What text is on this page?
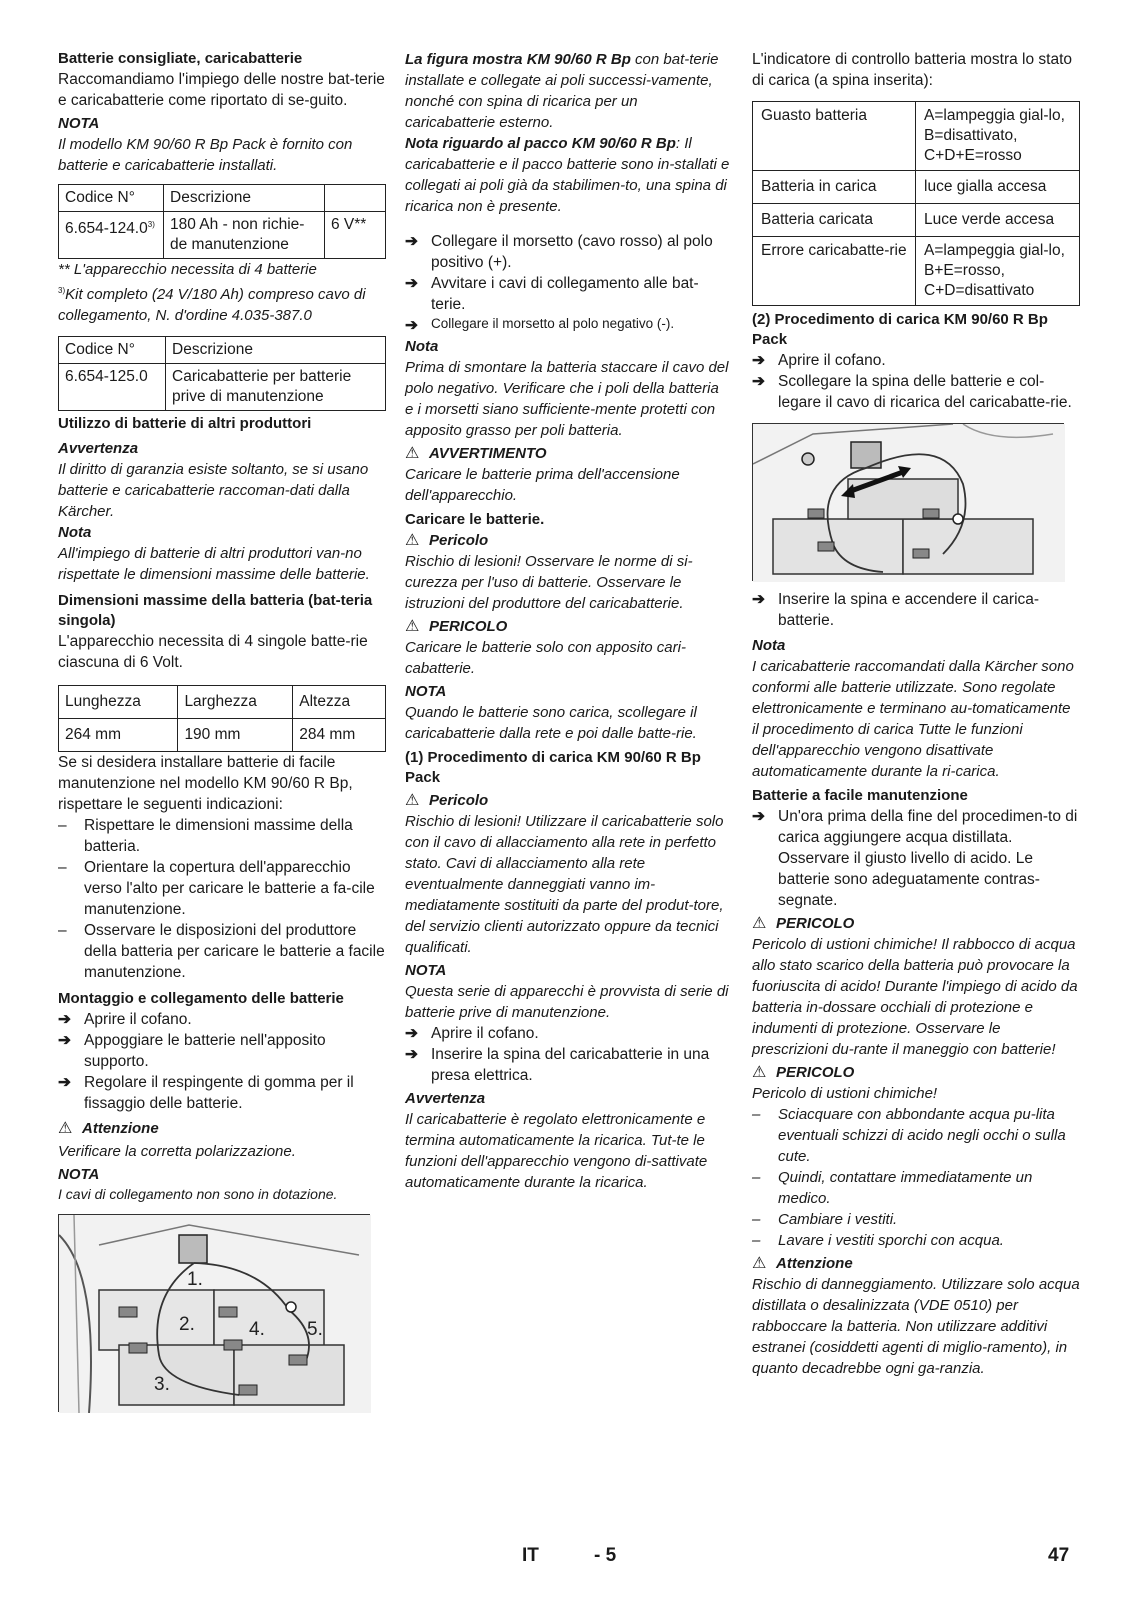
Batterie consigliate, caricabatterie

Raccomandiamo l'impiego delle nostre bat-terie e caricabatterie come riportato di se-guito.

NOTA

Il modello KM 90/60 R Bp Pack è fornito con batterie e caricabatterie installati.

Codice N°	Descrizione	
6.654-124.0$^{3)}$	180 Ah - non richie-de manutenzione	6 V**

** L'apparecchio necessita di 4 batterie

$^{3)}$Kit completo (24 V/180 Ah) compreso cavo di collegamento, N. d'ordine 4.035-387.0

Codice N°	Descrizione
6.654-125.0	Caricabatterie per batterie prive di manutenzione

Utilizzo di batterie di altri produttori

Avvertenza

Il diritto di garanzia esiste soltanto, se si usano batterie e caricabatterie raccoman-dati dalla Kärcher.

Nota

All'impiego di batterie di altri produttori van-no rispettate le dimensioni massime delle batterie.

Dimensioni massime della batteria (bat-teria singola)

L'apparecchio necessita di 4 singole batte-rie ciascuna di 6 Volt.

Lunghezza	Larghezza	Altezza
264 mm	190 mm	284 mm

Se si desidera installare batterie di facile manutenzione nel modello KM 90/60 R Bp, rispettare le seguenti indicazioni:

–	Rispettare le dimensioni massime della batteria.
–	Orientare la copertura dell'apparecchio verso l'alto per caricare le batterie a fa-cile manutenzione.
–	Osservare le disposizioni del produttore della batteria per caricare le batterie a facile manutenzione.

Montaggio e collegamento delle batterie

➔ Aprire il cofano.
➔ Appoggiare le batterie nell'apposito supporto.
➔ Regolare il respingente di gomma per il fissaggio delle batterie.

⚠ Attenzione

Verificare la corretta polarizzazione.

NOTA

I cavi di collegamento non sono in dotazione.

1.
2.
3.
4. 5.

La figura mostra KM 90/60 R Bp con bat-terie installate e collegate ai poli successi-vamente, nonché con spina di ricarica per un caricabatterie esterno.

Nota riguardo al pacco KM 90/60 R Bp: Il caricabatterie e il pacco batterie sono in-stallati e collegati ai poli già da stabilimen-to, una spina di ricarica non è presente.

➔ Collegare il morsetto (cavo rosso) al polo positivo (+).
➔ Avvitare i cavi di collegamento alle bat-terie.
➔ Collegare il morsetto al polo negativo (-).

Nota

Prima di smontare la batteria staccare il cavo del polo negativo. Verificare che i poli della batteria e i morsetti siano sufficiente-mente protetti con apposito grasso per poli batteria.

⚠ AVVERTIMENTO

Caricare le batterie prima dell'accensione dell'apparecchio.

Caricare le batterie.

⚠ Pericolo

Rischio di lesioni! Osservare le norme di si-curezza per l'uso di batterie. Osservare le istruzioni del produttore del caricabatterie.

⚠ PERICOLO

Caricare le batterie solo con apposito cari-cabatterie.

NOTA

Quando le batterie sono carica, scollegare il caricabatterie dalla rete e poi dalle batte-rie.

(1) Procedimento di carica KM 90/60 R Bp Pack

⚠ Pericolo

Rischio di lesioni! Utilizzare il caricabatterie solo con il cavo di allacciamento alla rete in perfetto stato. Cavi di allacciamento alla rete eventualmente danneggiati vanno im-mediatamente sostituiti da parte del produt-tore, del servizio clienti autorizzato oppure da tecnici qualificati.

NOTA

Questa serie di apparecchi è provvista di serie di batterie prive di manutenzione.

➔ Aprire il cofano.
➔ Inserire la spina del caricabatterie in una presa elettrica.

Avvertenza

Il caricabatterie è regolato elettronicamente e termina automaticamente la ricarica. Tut-te le funzioni dell'apparecchio vengono di-sattivate automaticamente durante la ricarica.

L'indicatore di controllo batteria mostra lo stato di carica (a spina inserita):

Guasto batteria	A=lampeggia gial-lo, B=disattivato, C+D+E=rosso
Batteria in carica	luce gialla accesa
Batteria caricata	Luce verde accesa
Errore caricabatte-rie	A=lampeggia gial-lo, B+E=rosso, C+D=disattivato

(2) Procedimento di carica KM 90/60 R Bp Pack

➔ Aprire il cofano.
➔ Scollegare la spina delle batterie e col-legare il cavo di ricarica del caricabatte-rie.
➔ Inserire la spina e accendere il carica-batterie.

Nota

I caricabatterie raccomandati dalla Kärcher sono conformi alle batterie utilizzate. Sono regolate elettronicamente e terminano au-tomaticamente il procedimento di carica Tutte le funzioni dell'apparecchio vengono disattivate automaticamente durante la ri-carica.

Batterie a facile manutenzione

➔ Un'ora prima della fine del procedimen-to di carica aggiungere acqua distillata. Osservare il giusto livello di acido. Le batterie sono adeguatamente contras-segnate.

⚠ PERICOLO

Pericolo di ustioni chimiche! Il rabbocco di acqua allo stato scarico della batteria può provocare la fuoriuscita di acido! Durante l'impiego di acido da batteria in-dossare occhiali di protezione e indumenti di protezione. Osservare le prescrizioni du-rante il maneggio con batterie!

⚠ PERICOLO

Pericolo di ustioni chimiche!

–	Sciacquare con abbondante acqua pu-lita eventuali schizzi di acido negli occhi o sulla cute.
–	Quindi, contattare immediatamente un medico.
–	Cambiare i vestiti.
–	Lavare i vestiti sporchi con acqua.

⚠ Attenzione

Rischio di danneggiamento. Utilizzare solo acqua distillata o desalinizzata (VDE 0510) per rabboccare la batteria. Non utilizzare additivi estranei (cosiddetti agenti di miglio-ramento), in quanto decadrebbe ogni ga-ranzia.

IT	- 5	47
